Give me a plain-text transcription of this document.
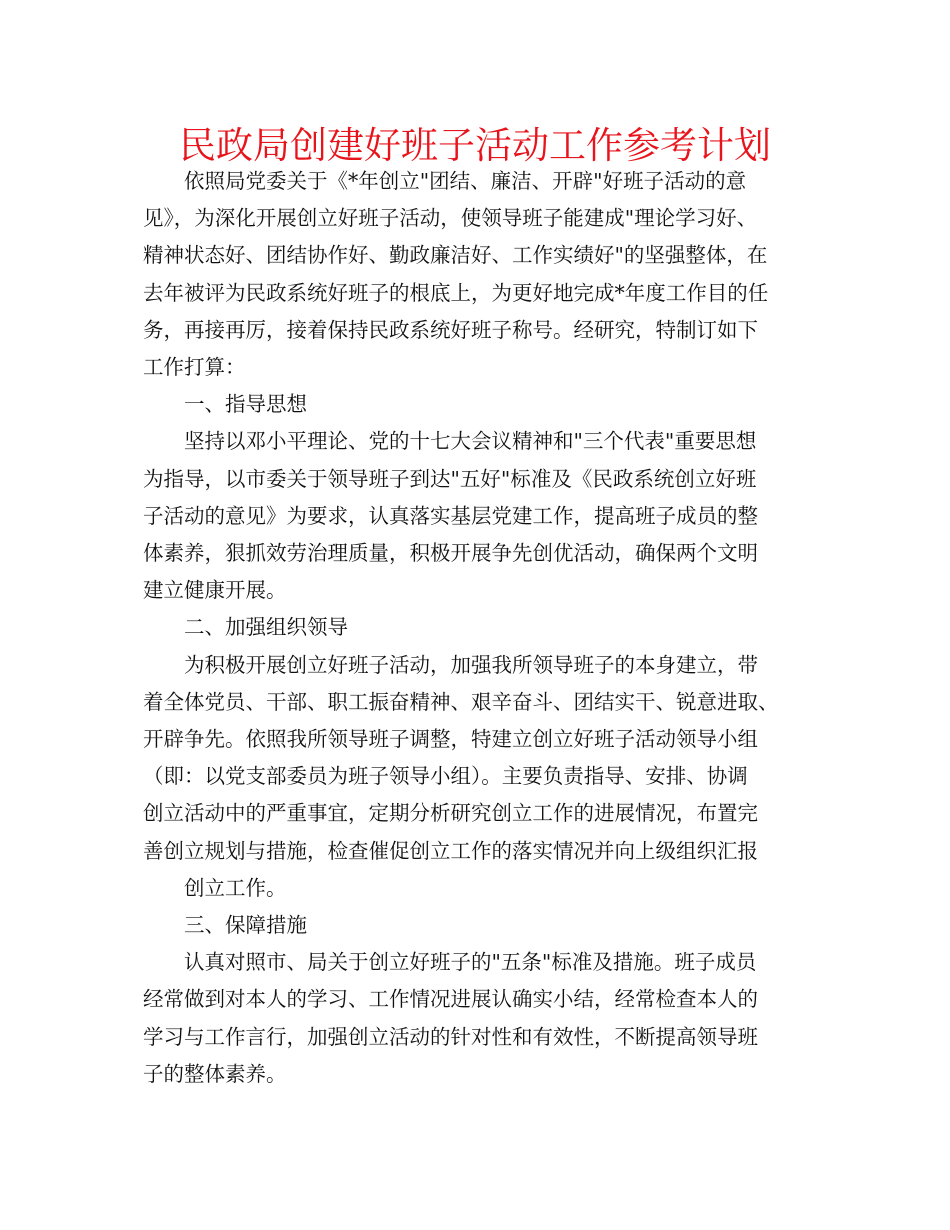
民政局创建好班子活动工作参考计划

依照局党委关于《*年创立"团结、廉洁、开辟"好班子活动的意

见》，为深化开展创立好班子活动，使领导班子能建成"理论学习好、

精神状态好、团结协作好、勤政廉洁好、工作实绩好"的坚强整体，在

去年被评为民政系统好班子的根底上，为更好地完成*年度工作目的任

务，再接再厉，接着保持民政系统好班子称号。经研究，特制订如下

工作打算：

一、指导思想

坚持以邓小平理论、党的十七大会议精神和"三个代表"重要思想

为指导，以市委关于领导班子到达"五好"标准及《民政系统创立好班

子活动的意见》为要求，认真落实基层党建工作，提高班子成员的整

体素养，狠抓效劳治理质量，积极开展争先创优活动，确保两个文明

建立健康开展。

二、加强组织领导

为积极开展创立好班子活动，加强我所领导班子的本身建立，带

着全体党员、干部、职工振奋精神、艰辛奋斗、团结实干、锐意进取、

开辟争先。依照我所领导班子调整，特建立创立好班子活动领导小组

（即：以党支部委员为班子领导小组）。主要负责指导、安排、协调

创立活动中的严重事宜，定期分析研究创立工作的进展情况，布置完

善创立规划与措施，检查催促创立工作的落实情况并向上级组织汇报

创立工作。

三、保障措施

认真对照市、局关于创立好班子的"五条"标准及措施。班子成员

经常做到对本人的学习、工作情况进展认确实小结，经常检查本人的

学习与工作言行，加强创立活动的针对性和有效性，不断提高领导班

子的整体素养。
